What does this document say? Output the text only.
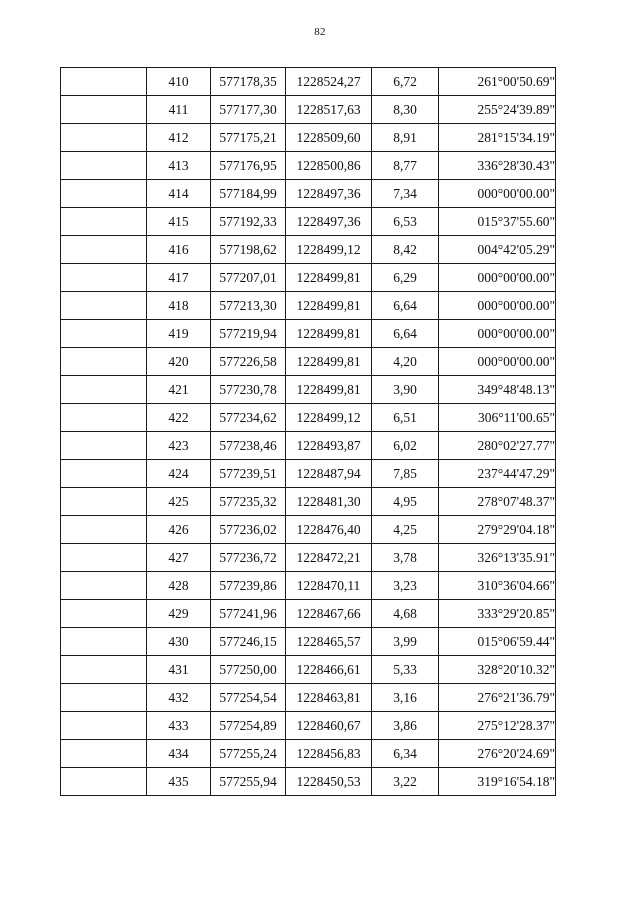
82
	410	577178,35	1228524,27	6,72	261°00'50.69"
	411	577177,30	1228517,63	8,30	255°24'39.89"
	412	577175,21	1228509,60	8,91	281°15'34.19"
	413	577176,95	1228500,86	8,77	336°28'30.43"
	414	577184,99	1228497,36	7,34	000°00'00.00"
	415	577192,33	1228497,36	6,53	015°37'55.60"
	416	577198,62	1228499,12	8,42	004°42'05.29"
	417	577207,01	1228499,81	6,29	000°00'00.00"
	418	577213,30	1228499,81	6,64	000°00'00.00"
	419	577219,94	1228499,81	6,64	000°00'00.00"
	420	577226,58	1228499,81	4,20	000°00'00.00"
	421	577230,78	1228499,81	3,90	349°48'48.13"
	422	577234,62	1228499,12	6,51	306°11'00.65"
	423	577238,46	1228493,87	6,02	280°02'27.77"
	424	577239,51	1228487,94	7,85	237°44'47.29"
	425	577235,32	1228481,30	4,95	278°07'48.37"
	426	577236,02	1228476,40	4,25	279°29'04.18"
	427	577236,72	1228472,21	3,78	326°13'35.91"
	428	577239,86	1228470,11	3,23	310°36'04.66"
	429	577241,96	1228467,66	4,68	333°29'20.85"
	430	577246,15	1228465,57	3,99	015°06'59.44"
	431	577250,00	1228466,61	5,33	328°20'10.32"
	432	577254,54	1228463,81	3,16	276°21'36.79"
	433	577254,89	1228460,67	3,86	275°12'28.37"
	434	577255,24	1228456,83	6,34	276°20'24.69"
	435	577255,94	1228450,53	3,22	319°16'54.18"
